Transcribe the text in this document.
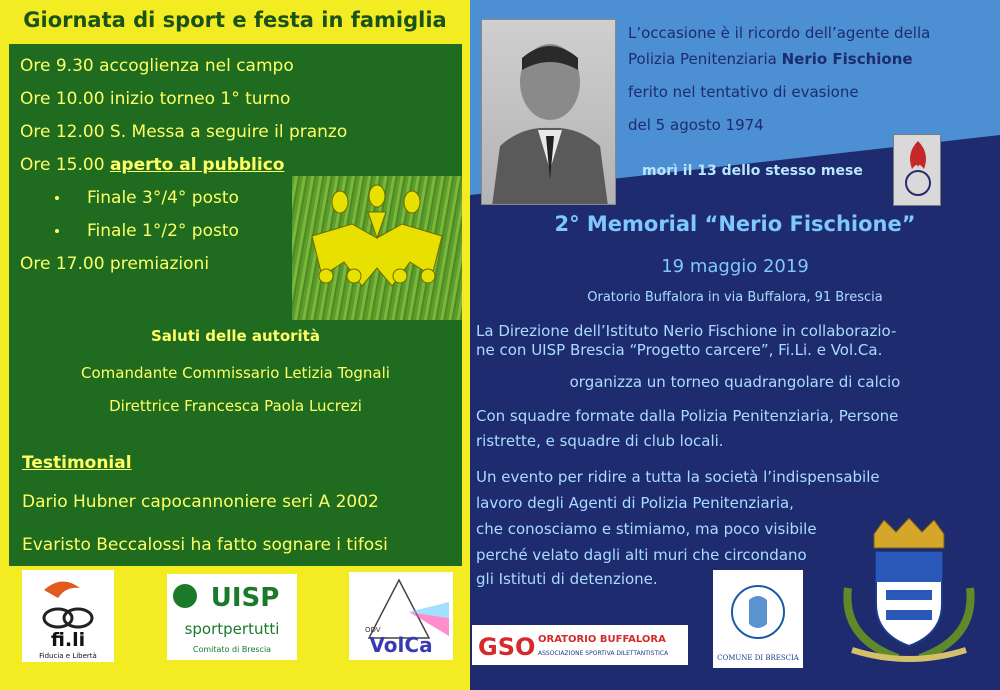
Giornata di sport e festa in famiglia
Ore 9.30 accoglienza nel campo
Ore 10.00 inizio torneo 1° turno
Ore 12.00 S. Messa a seguire il pranzo
Ore 15.00 aperto al pubblico
Finale 3°/4° posto
Finale 1°/2° posto
Ore 17.00 premiazioni
Saluti delle autorità
Comandante Commissario Letizia Tognali
Direttrice Francesca Paola Lucrezi
Testimonial
Dario Hubner capocannoniere seri A 2002
Evaristo Beccalossi ha fatto sognare i tifosi
fi.li
Fiducia e Libertà
UISP
sportpertutti
Comitato di Brescia
ODV
VolCa
L’occasione è il ricordo dell’agente della
Polizia Penitenziaria Nerio Fischione
ferito nel tentativo di evasione
del 5 agosto 1974
morì il 13 dello stesso mese
2° Memorial “Nerio Fischione”
19 maggio 2019
Oratorio Buffalora in via Buffalora, 91 Brescia
La Direzione dell’Istituto Nerio Fischione in collaborazio-
ne con UISP Brescia “Progetto carcere”, Fi.Li. e Vol.Ca.
organizza un torneo quadrangolare di calcio
Con squadre formate dalla Polizia Penitenziaria, Persone
ristrette, e squadre di club locali.
Un evento per ridire a tutta la società l’indispensabile
lavoro degli Agenti di Polizia Penitenziaria,
che conosciamo e stimiamo, ma poco visibile
perché velato dagli alti muri che circondano
gli Istituti di detenzione.
GSO ORATORIO BUFFALORA
ASSOCIAZIONE SPORTIVA DILETTANTISTICA
COMUNE DI BRESCIA
